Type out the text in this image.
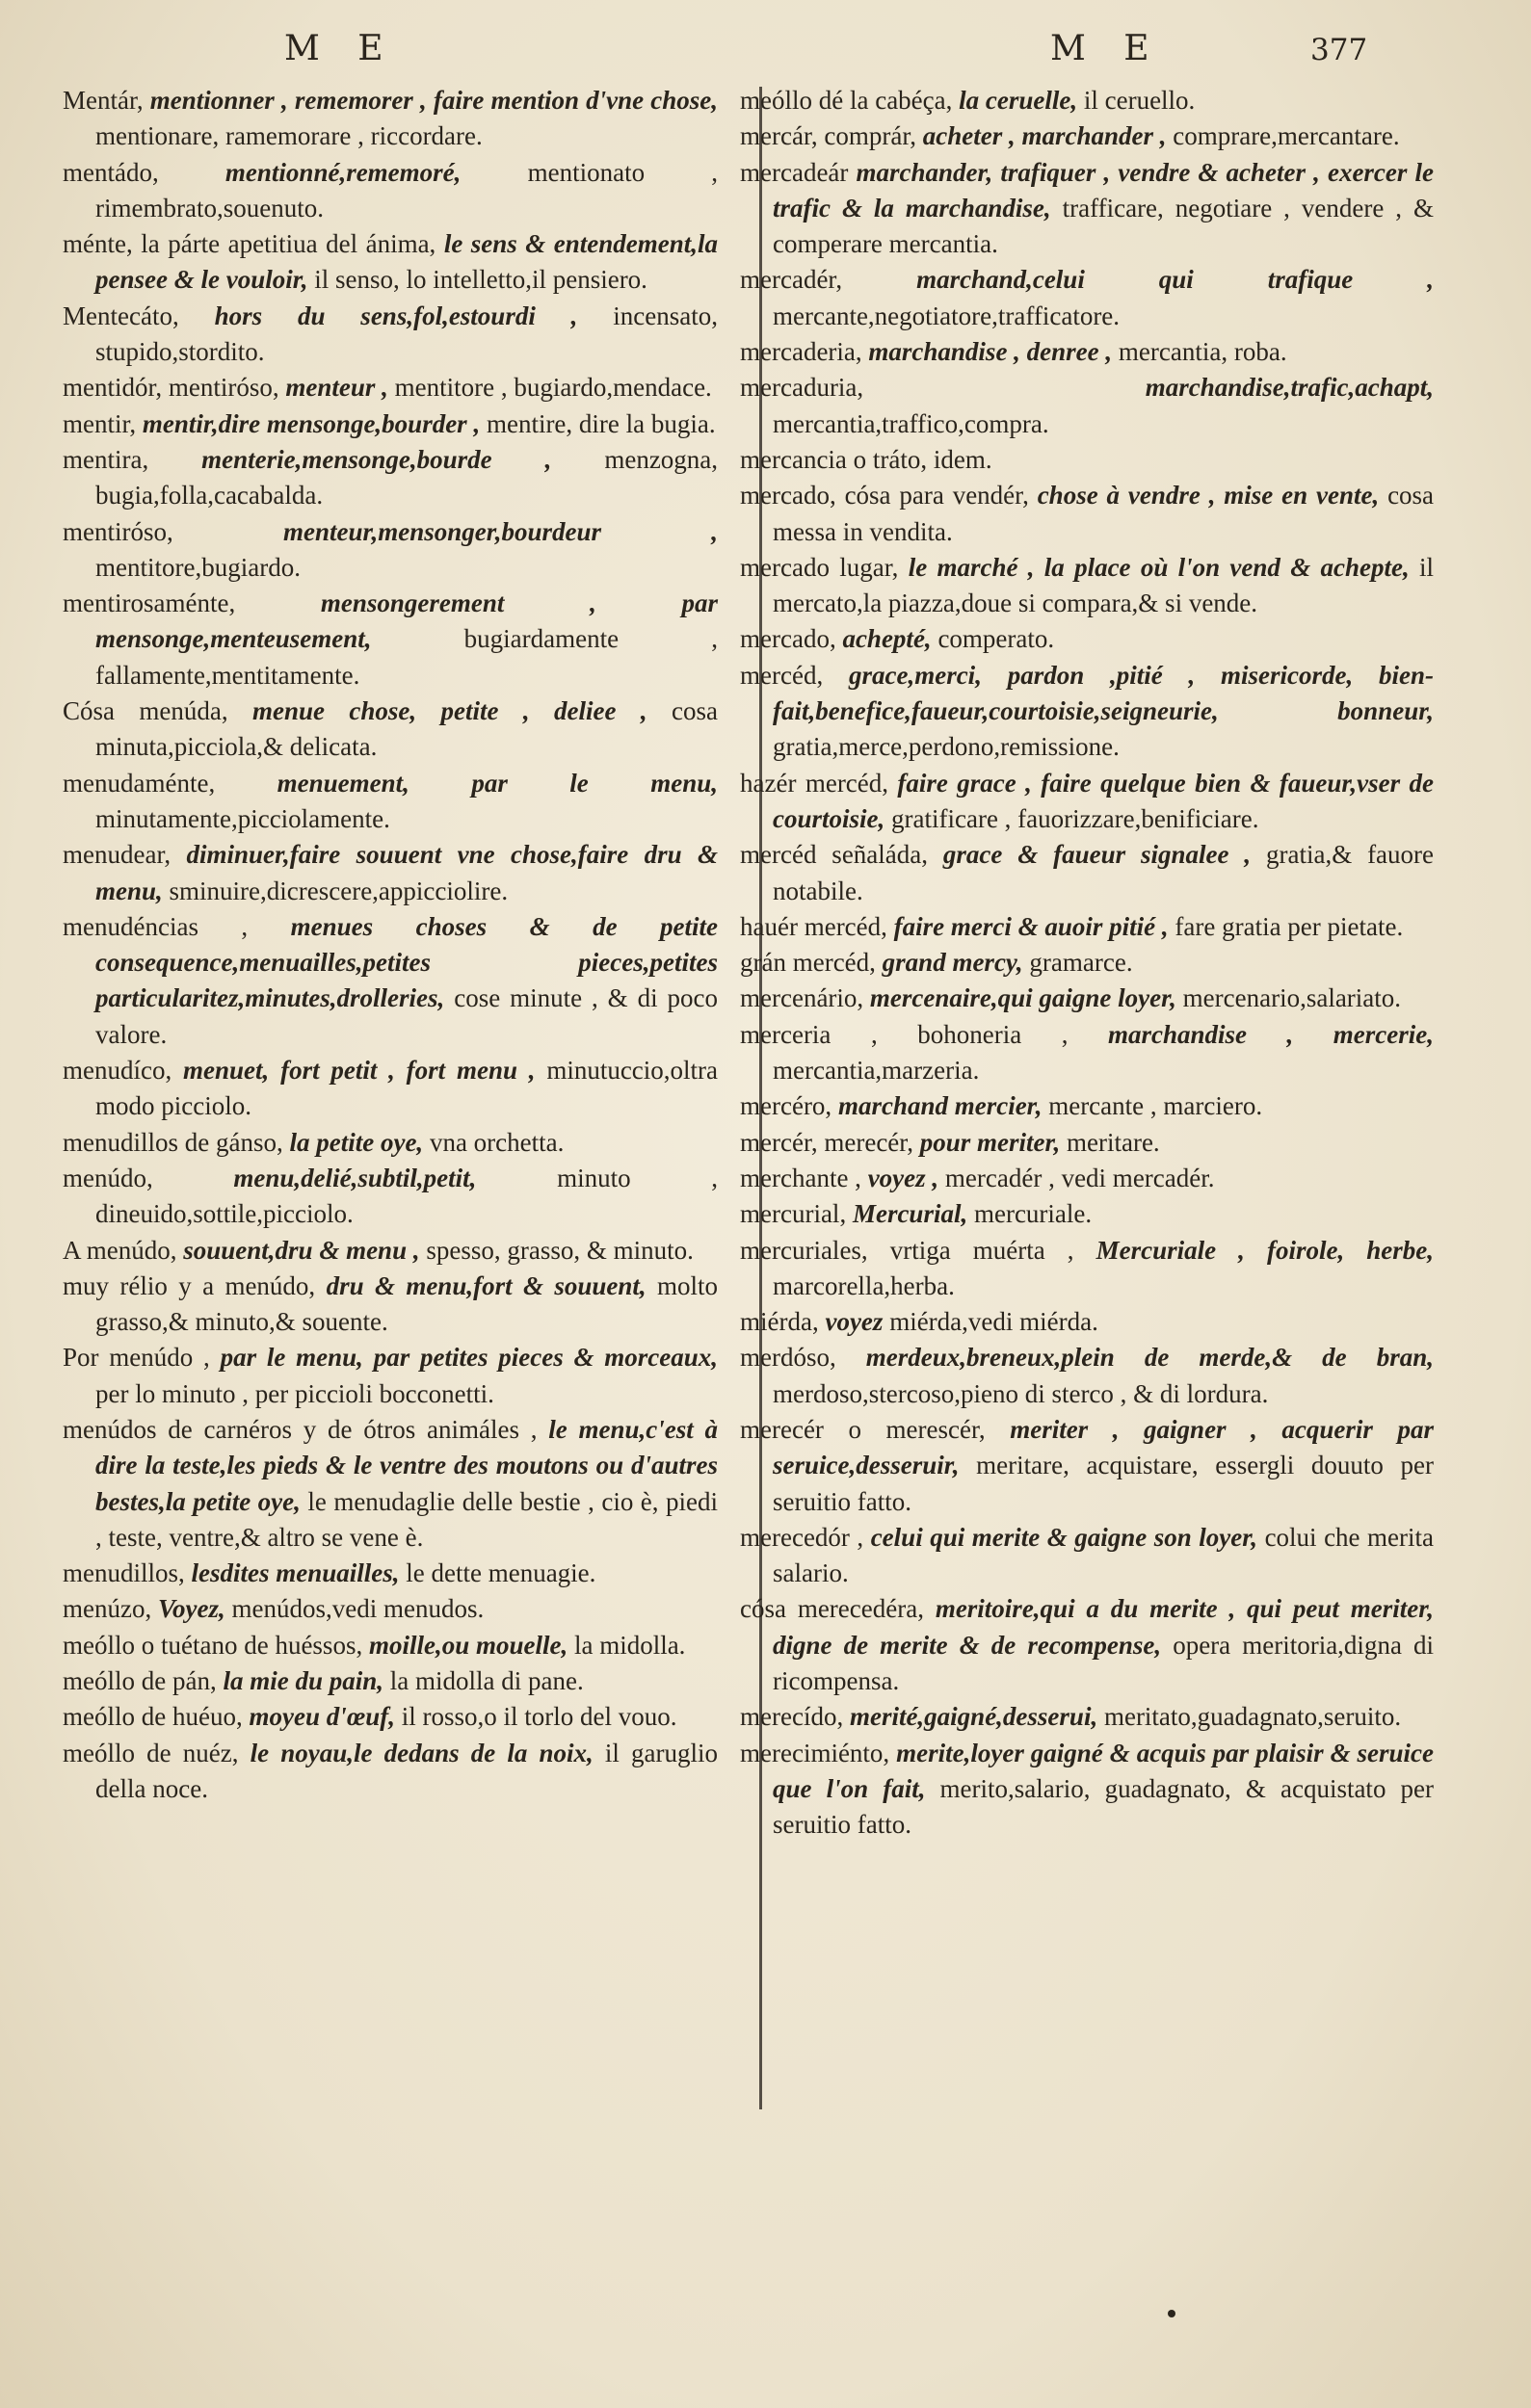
M E	M E	377

Mentár, mentionner , rememorer , faire mention d'vne chose, mentionare, ramemorare , riccordare.

mentádo,	mentionné,rememoré,	mentionato , rimembrato,souenuto.

ménte, la párte apetitiua del ánima, le sens & entendement,la pensee & le vouloir, il senso, lo intelletto,il pensiero.

Mentecáto, hors du sens,fol,estourdi , incensato, stupido,stordito.

mentidór, mentiróso, menteur , mentitore , bugiardo,mendace.

mentir, mentir,dire mensonge,bourder , mentire, dire la bugia.

mentira, menterie,mensonge,bourde , menzogna, bugia,folla,cacabalda.

mentiróso,	menteur,mensonger,bourdeur , mentitore,bugiardo.

mentirosaménte,	mensongerement , par mensonge,menteusement,	bugiardamente , fallamente,mentitamente.

Cósa menúda, menue chose, petite , deliee , cosa minuta,picciola,& delicata.

menudaménte, menuement, par le menu, minutamente,picciolamente.

menudear, diminuer,faire souuent vne chose,faire dru & menu, sminuire,dicrescere,appicciolire.

menudéncias , menues choses & de petite consequence,menuailles,petites pieces,petites particularitez,minutes,drolleries, cose minute , & di poco valore.

menudíco, menuet, fort petit , fort menu , minutuccio,oltra modo picciolo.

menudillos de gánso, la petite oye, vna orchetta.

menúdo,	menu,delié,subtil,petit,	minuto , dineuido,sottile,picciolo.

A menúdo, souuent,dru & menu , spesso, grasso, & minuto.

muy rélio y a menúdo, dru & menu,fort & souuent, molto grasso,& minuto,& souente.

Por menúdo , par le menu, par petites pieces & morceaux, per lo minuto , per piccioli bocconetti.

menúdos de carnéros y de ótros animáles , le menu,c'est à dire la teste,les pieds & le ventre des moutons ou d'autres bestes,la petite oye, le menudaglie delle bestie , cio è, piedi , teste, ventre,& altro se vene è.

menudillos, lesdites menuailles, le dette menuagie.

menúzo, Voyez, menúdos,vedi menudos.

meóllo o tuétano de huéssos, moille,ou mouelle, la midolla.

meóllo de pán, la mie du pain, la midolla di pane.

meóllo de huéuo, moyeu d'œuf, il rosso,o il torlo del vouo.

meóllo de nuéz, le noyau,le dedans de la noix, il garuglio della noce.

meóllo dé la cabéça, la ceruelle, il ceruello.

mercár, comprár, acheter , marchander , comprare,mercantare.

mercadeár marchander, trafiquer , vendre & acheter , exercer le trafic & la marchandise, trafficare, negotiare , vendere , & comperare mercantia.

mercadér,	marchand,celui qui trafique , mercante,negotiatore,trafficatore.

mercaderia, marchandise , denree , mercantia, roba.

mercaduria,	marchandise,trafic,achapt, mercantia,traffico,compra.

mercancia o tráto, idem.

mercado, cósa para vendér, chose à vendre , mise en vente, cosa messa in vendita.

mercado lugar, le marché , la place où l'on vend & achepte, il mercato,la piazza,doue si compara,& si vende.

mercado, achepté, comperato.

mercéd, grace,merci, pardon ,pitié , misericorde, bien-fait,benefice,faueur,courtoisie,seigneurie, bonneur, gratia,merce,perdono,remissione.

hazér mercéd, faire grace , faire quelque bien & faueur,vser de courtoisie, gratificare , fauorizzare,benificiare.

mercéd señaláda, grace & faueur signalee , gratia,& fauore notabile.

hauér mercéd, faire merci & auoir pitié , fare gratia per pietate.

grán mercéd, grand mercy, gramarce.

mercenário, mercenaire,qui gaigne loyer, mercenario,salariato.

merceria , bohoneria , marchandise , mercerie, mercantia,marzeria.

mercéro, marchand mercier, mercante , marciero.

mercér, merecér, pour meriter, meritare.

merchante , voyez , mercadér , vedi mercadér.

mercurial, Mercurial, mercuriale.

mercuriales, vrtiga muérta , Mercuriale , foirole, herbe, marcorella,herba.

miérda, voyez miérda,vedi miérda.

merdóso, merdeux,breneux,plein de merde,& de bran, merdoso,stercoso,pieno di sterco , & di lordura.

merecér o merescér, meriter , gaigner , acquerir par seruice,desseruir, meritare, acquistare, essergli douuto per seruitio fatto.

merecedór , celui qui merite & gaigne son loyer, colui che merita salario.

cósa merecedéra, meritoire,qui a du merite , qui peut meriter, digne de merite & de recompense, opera meritoria,digna di ricompensa.

merecído, merité,gaigné,desserui, meritato,guadagnato,seruito.

merecimiénto, merite,loyer gaigné & acquis par plaisir & seruice que l'on fait, merito,salario, guadagnato, & acquistato per seruitio fatto.
